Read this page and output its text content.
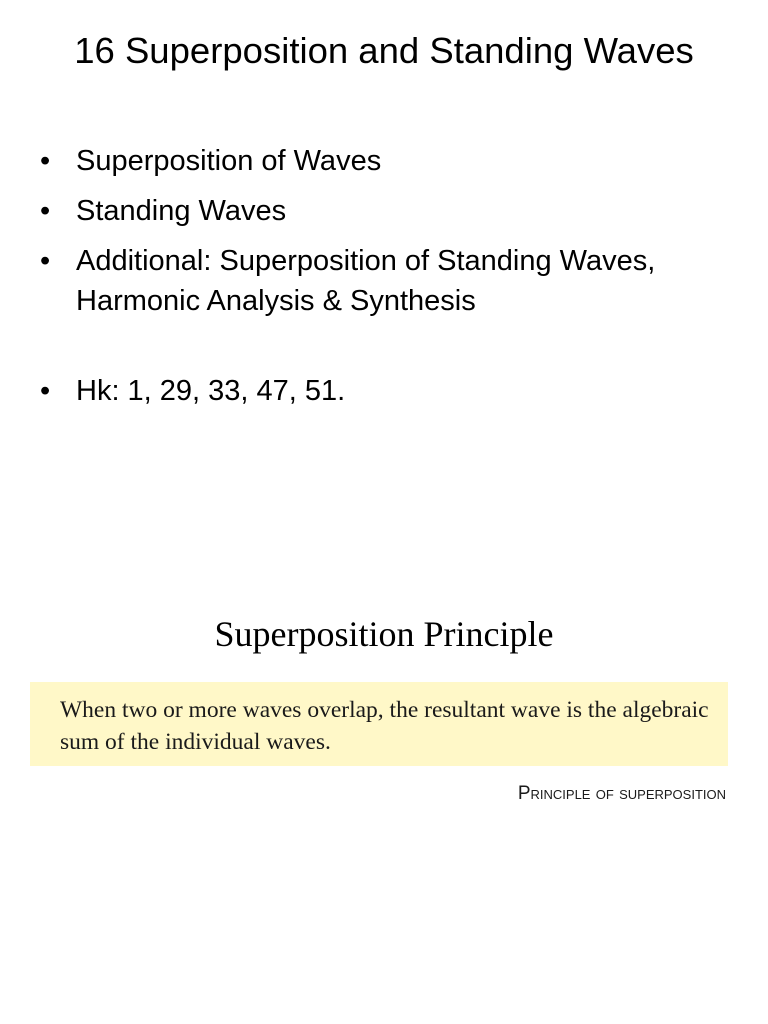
16 Superposition and Standing Waves
• Superposition of Waves
• Standing Waves
• Additional: Superposition of Standing Waves, Harmonic Analysis & Synthesis
• Hk: 1, 29, 33, 47, 51.
Superposition Principle

When two or more waves overlap, the resultant wave is the algebraic sum of the individual waves.

Principle of superposition
